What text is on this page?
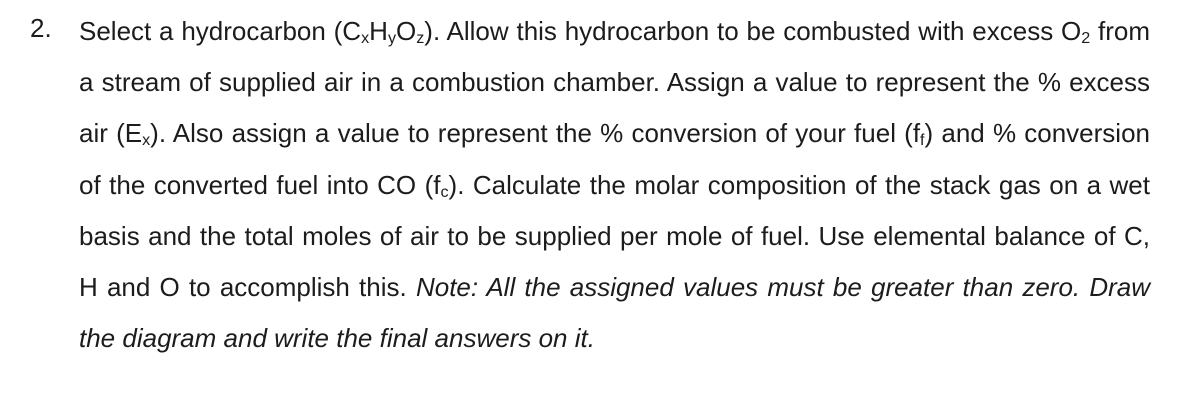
2. Select a hydrocarbon (CxHyOz). Allow this hydrocarbon to be combusted with excess O2 from a stream of supplied air in a combustion chamber. Assign a value to represent the % excess air (Ex). Also assign a value to represent the % conversion of your fuel (ff) and % conversion of the converted fuel into CO (fc). Calculate the molar composition of the stack gas on a wet basis and the total moles of air to be supplied per mole of fuel. Use elemental balance of C, H and O to accomplish this. Note: All the assigned values must be greater than zero. Draw the diagram and write the final answers on it.
